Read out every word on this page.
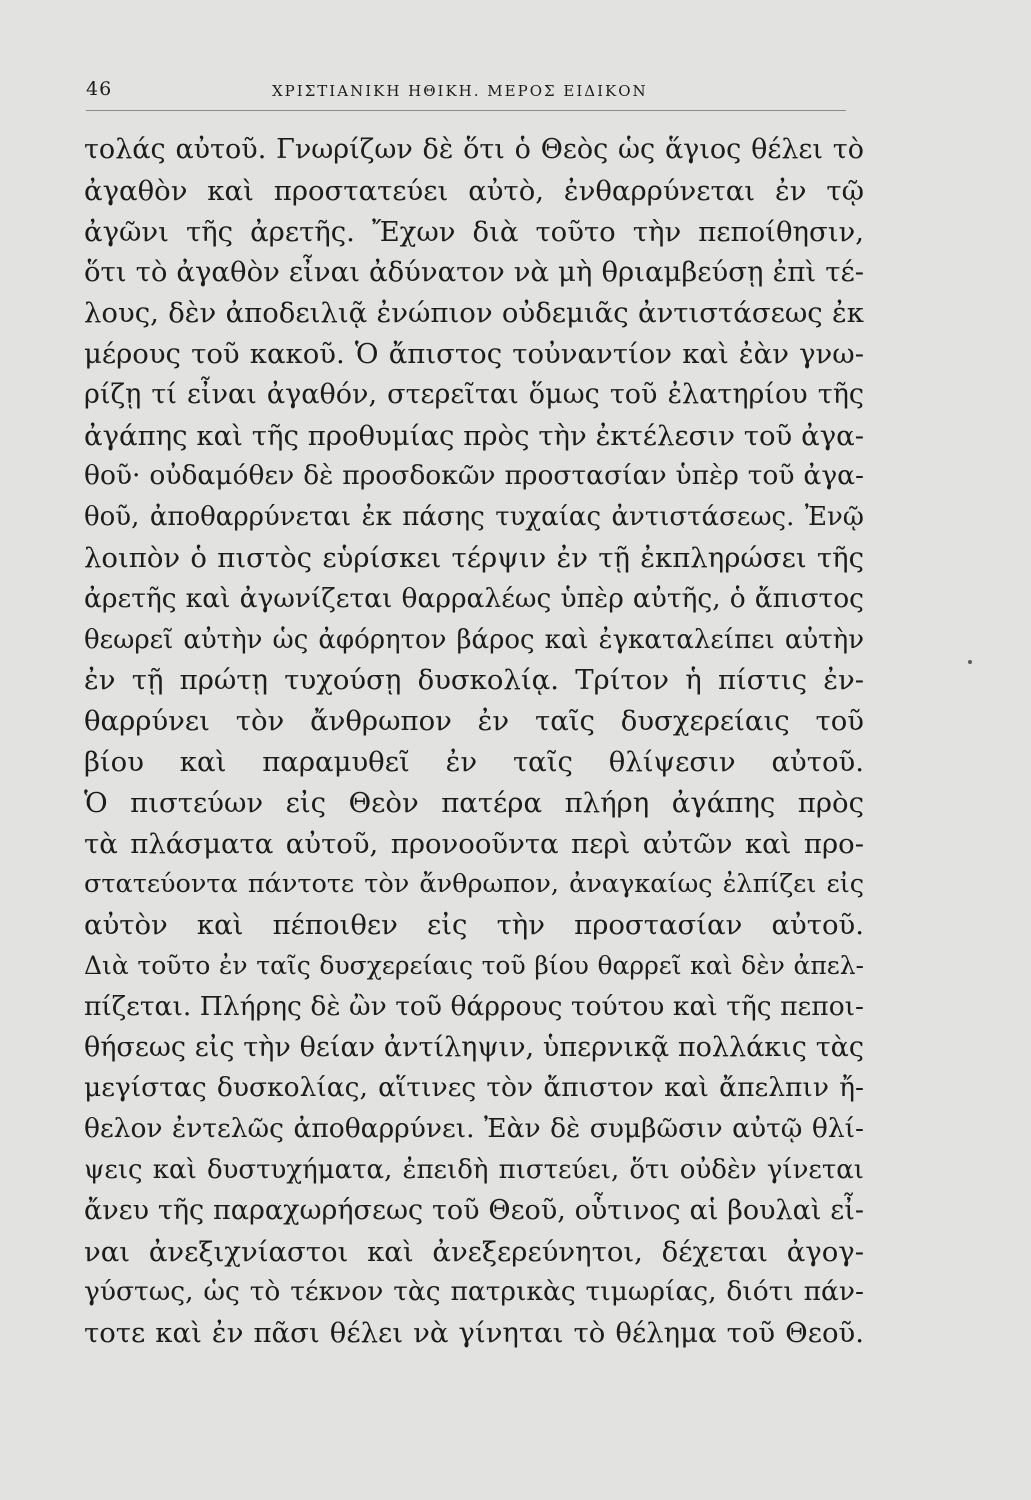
46	ΧΡΙΣΤΙΑΝΙΚΗ ΗΘΙΚΗ. ΜΕΡΟΣ ΕΙΔΙΚΟΝ
τολάς αὐτοῦ. Γνωρίζων δὲ ὅτι ὁ Θεὸς ὡς ἅγιος θέλει τὸ
ἀγαθὸν καὶ προστατεύει αὐτὸ, ἐνθαρρύνεται ἐν τῷ
ἀγῶνι τῆς ἀρετῆς. Ἔχων διὰ τοῦτο τὴν πεποίθησιν,
ὅτι τὸ ἀγαθὸν εἶναι ἀδύνατον νὰ μὴ θριαμβεύσῃ ἐπὶ τέ-
λους, δὲν ἀποδειλιᾷ ἐνώπιον οὐδεμιᾶς ἀντιστάσεως ἐκ
μέρους τοῦ κακοῦ. Ὁ ἄπιστος τοὐναντίον καὶ ἐὰν γνω-
ρίζῃ τί εἶναι ἀγαθόν, στερεῖται ὅμως τοῦ ἐλατηρίου τῆς
ἀγάπης καὶ τῆς προθυμίας πρὸς τὴν ἐκτέλεσιν τοῦ ἀγα-
θοῦ· οὐδαμόθεν δὲ προσδοκῶν προστασίαν ὑπὲρ τοῦ ἀγα-
θοῦ, ἀποθαρρύνεται ἐκ πάσης τυχαίας ἀντιστάσεως. Ἐνῷ
λοιπὸν ὁ πιστὸς εὑρίσκει τέρψιν ἐν τῇ ἐκπληρώσει τῆς
ἀρετῆς καὶ ἀγωνίζεται θαρραλέως ὑπὲρ αὐτῆς, ὁ ἄπιστος
θεωρεῖ αὐτὴν ὡς ἀφόρητον βάρος καὶ ἐγκαταλείπει αὐτὴν
ἐν τῇ πρώτῃ τυχούσῃ δυσκολίᾳ. Τρίτον ἡ πίστις ἐν-
θαρρύνει τὸν ἄνθρωπον ἐν ταῖς δυσχερείαις τοῦ
βίου καὶ παραμυθεῖ ἐν ταῖς θλίψεσιν αὐτοῦ.
Ὁ πιστεύων εἰς Θεὸν πατέρα πλήρη ἀγάπης πρὸς
τὰ πλάσματα αὐτοῦ, προνοοῦντα περὶ αὐτῶν καὶ προ-
στατεύοντα πάντοτε τὸν ἄνθρωπον, ἀναγκαίως ἐλπίζει εἰς
αὐτὸν καὶ πέποιθεν εἰς τὴν προστασίαν αὐτοῦ.
Διὰ τοῦτο ἐν ταῖς δυσχερείαις τοῦ βίου θαρρεῖ καὶ δὲν ἀπελ-
πίζεται. Πλήρης δὲ ὢν τοῦ θάρρους τούτου καὶ τῆς πεποι-
θήσεως εἰς τὴν θείαν ἀντίληψιν, ὑπερνικᾷ πολλάκις τὰς
μεγίστας δυσκολίας, αἵτινες τὸν ἄπιστον καὶ ἄπελπιν ἤ-
θελον ἐντελῶς ἀποθαρρύνει. Ἐὰν δὲ συμβῶσιν αὐτῷ θλί-
ψεις καὶ δυστυχήματα, ἐπειδὴ πιστεύει, ὅτι οὐδὲν γίνεται
ἄνευ τῆς παραχωρήσεως τοῦ Θεοῦ, οὗτινος αἱ βουλαὶ εἶ-
ναι ἀνεξιχνίαστοι καὶ ἀνεξερεύνητοι, δέχεται ἀγογ-
γύστως, ὡς τὸ τέκνον τὰς πατρικὰς τιμωρίας, διότι πάν-
τοτε καὶ ἐν πᾶσι θέλει νὰ γίνηται τὸ θέλημα τοῦ Θεοῦ.
